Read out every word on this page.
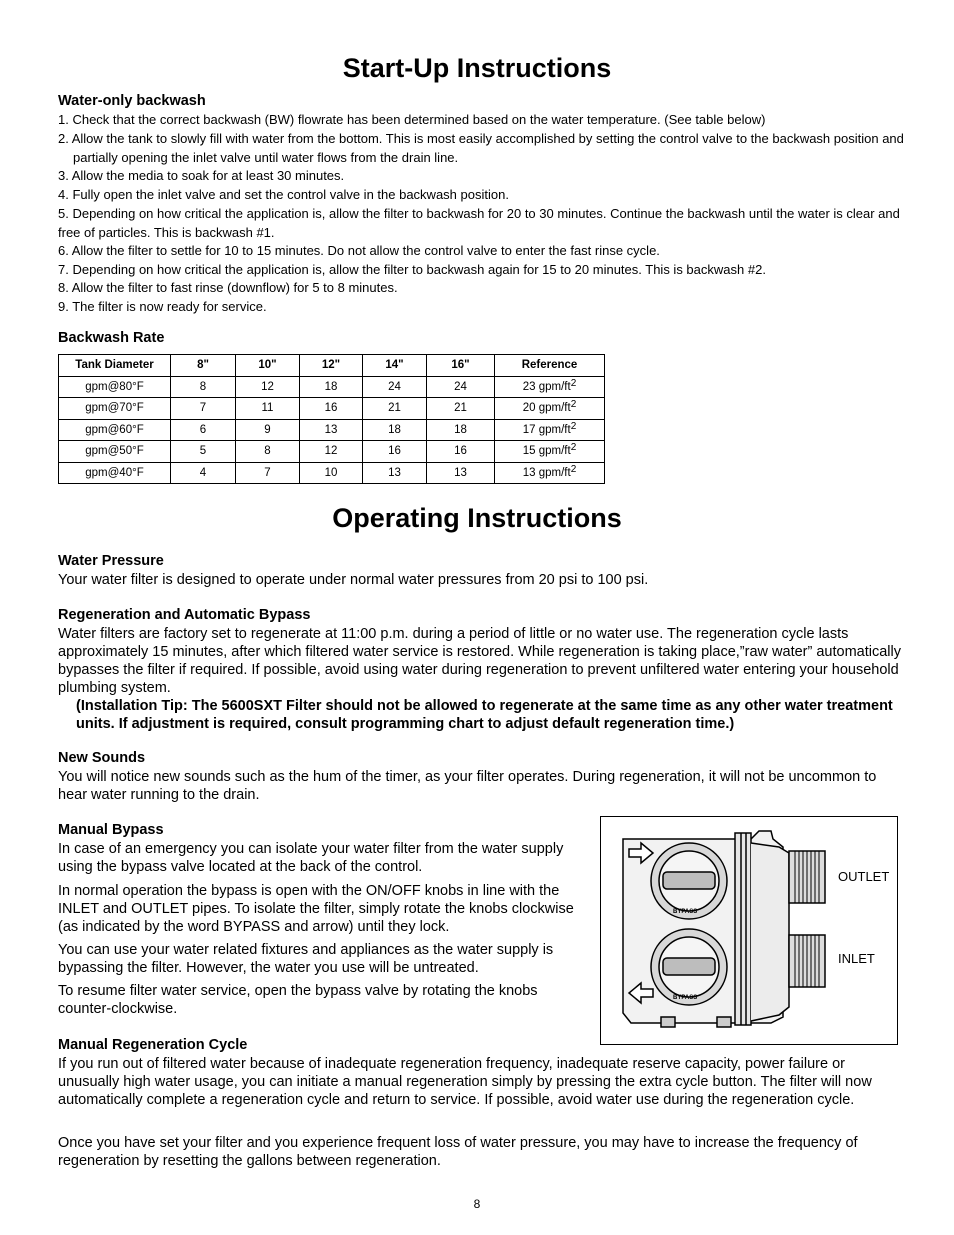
Start-Up Instructions
Water-only backwash
1. Check that the correct backwash (BW) flowrate has been determined based on the water temperature. (See table below)
2. Allow the tank to slowly fill with water from the bottom. This is most easily accomplished by setting the control valve to the backwash position and partially opening the inlet valve until water flows from the drain line.
3. Allow the media to soak for at least 30 minutes.
4. Fully open the inlet valve and set the control valve in the backwash position.
5. Depending on how critical the application is, allow the filter to backwash for 20 to 30 minutes. Continue the backwash until the water is clear and free of particles. This is backwash #1.
6. Allow the filter to settle for 10 to 15 minutes. Do not allow the control valve to enter the fast rinse cycle.
7. Depending on how critical the application is, allow the filter to backwash again for 15 to 20 minutes. This is backwash #2.
8. Allow the filter to fast rinse (downflow) for 5 to 8 minutes.
9. The filter is now ready for service.
Backwash Rate
Tank Diameter	8"	10"	12"	14"	16"	Reference
gpm@80°F	8	12	18	24	24	23 gpm/$ft^2$
gpm@70°F	7	11	16	21	21	20 gpm/$ft^2$
gpm@60°F	6	9	13	18	18	17 gpm/$ft^2$
gpm@50°F	5	8	12	16	16	15 gpm/$ft^2$
gpm@40°F	4	7	10	13	13	13 gpm/$ft^2$
Operating Instructions
Water Pressure
Your water filter is designed to operate under normal water pressures from 20 psi to 100 psi.
Regeneration and Automatic Bypass
Water filters are factory set to regenerate at 11:00 p.m. during a period of little or no water use. The regeneration cycle lasts approximately 15 minutes, after which filtered water service is restored. While regeneration is taking place,”raw water” automatically bypasses the filter if required. If possible, avoid using water during regeneration to prevent unfiltered water entering your household plumbing system.
(Installation Tip: The 5600SXT Filter should not be allowed to regenerate at the same time as any other water treatment units. If adjustment is required, consult programming chart to adjust default regeneration time.)
New Sounds
You will notice new sounds such as the hum of the timer, as your filter operates. During regeneration, it will not be uncommon to hear water running to the drain.
Manual Bypass
In case of an emergency you can isolate your water filter from the water supply using the bypass valve located at the back of the control.
In normal operation the bypass is open with the ON/OFF knobs in line with the INLET and OUTLET pipes. To isolate the filter, simply rotate the knobs clockwise (as indicated by the word BYPASS and arrow) until they lock.
You can use your water related fixtures and appliances as the water supply is bypassing the filter. However, the water you use will be untreated.
To resume filter water service, open the bypass valve by rotating the knobs counter-clockwise.
BYPASS
BYPASS
OUTLET
INLET
Manual Regeneration Cycle
If you run out of filtered water because of inadequate regeneration frequency, inadequate reserve capacity, power failure or unusually high water usage, you can initiate a manual regeneration simply by pressing the extra cycle button. The filter will now automatically complete a regeneration cycle and return to service. If possible, avoid water use during the regeneration cycle.
Once you have set your filter and you experience frequent loss of water pressure, you may have to increase the frequency of regeneration by resetting the gallons between regeneration.
8
